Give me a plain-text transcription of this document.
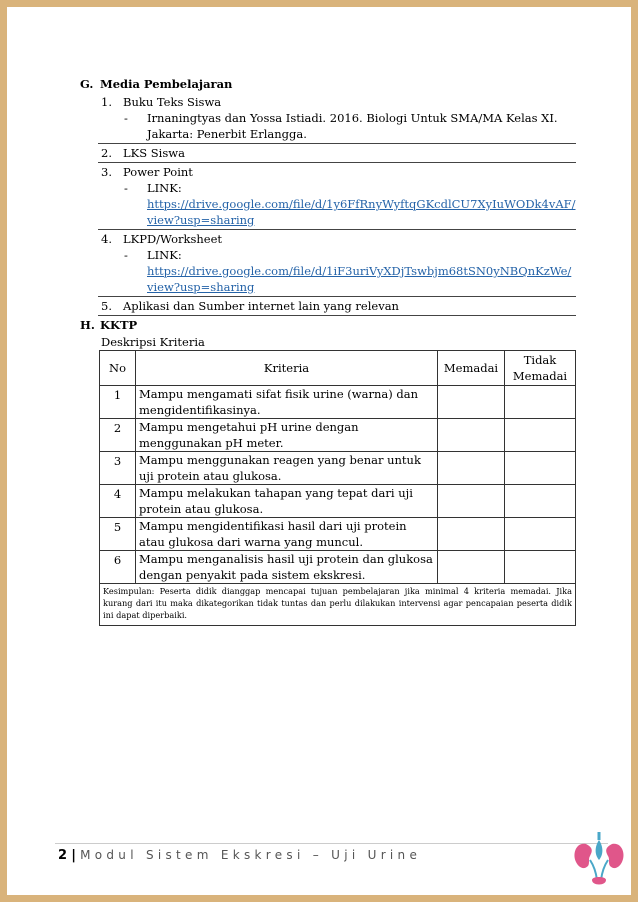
G. Media Pembelajaran
1. Buku Teks Siswa
-	Irnaningtyas dan Yossa Istiadi. 2016. Biologi Untuk SMA/MA Kelas XI. Jakarta: Penerbit Erlangga.
2. LKS Siswa
3. Power Point
-	LINK:
https://drive.google.com/file/d/1y6FfRnyWyftqGKcdlCU7XyIuWODk4vAF/view?usp=sharing
4. LKPD/Worksheet
-	LINK:
https://drive.google.com/file/d/1iF3uriVyXDjTswbjm68tSN0yNBQnKzWe/view?usp=sharing
5. Aplikasi dan Sumber internet lain yang relevan
H. KKTP
Deskripsi Kriteria
No	Kriteria	Memadai	Tidak Memadai
1	Mampu mengamati sifat fisik urine (warna) dan mengidentifikasinya.		
2	Mampu mengetahui pH urine dengan menggunakan pH meter.		
3	Mampu menggunakan reagen yang benar untuk uji protein atau glukosa.		
4	Mampu melakukan tahapan yang tepat dari uji protein atau glukosa.		
5	Mampu mengidentifikasi hasil dari uji protein atau glukosa dari warna yang muncul.		
6	Mampu menganalisis hasil uji protein dan glukosa dengan penyakit pada sistem ekskresi.		
Kesimpulan: Peserta didik dianggap mencapai tujuan pembelajaran jika minimal 4 kriteria memadai. Jika kurang dari itu maka dikategorikan tidak tuntas dan perlu dilakukan intervensi agar pencapaian peserta didik ini dapat diperbaiki.			
2 | Modul Sistem Ekskresi – Uji Urine
